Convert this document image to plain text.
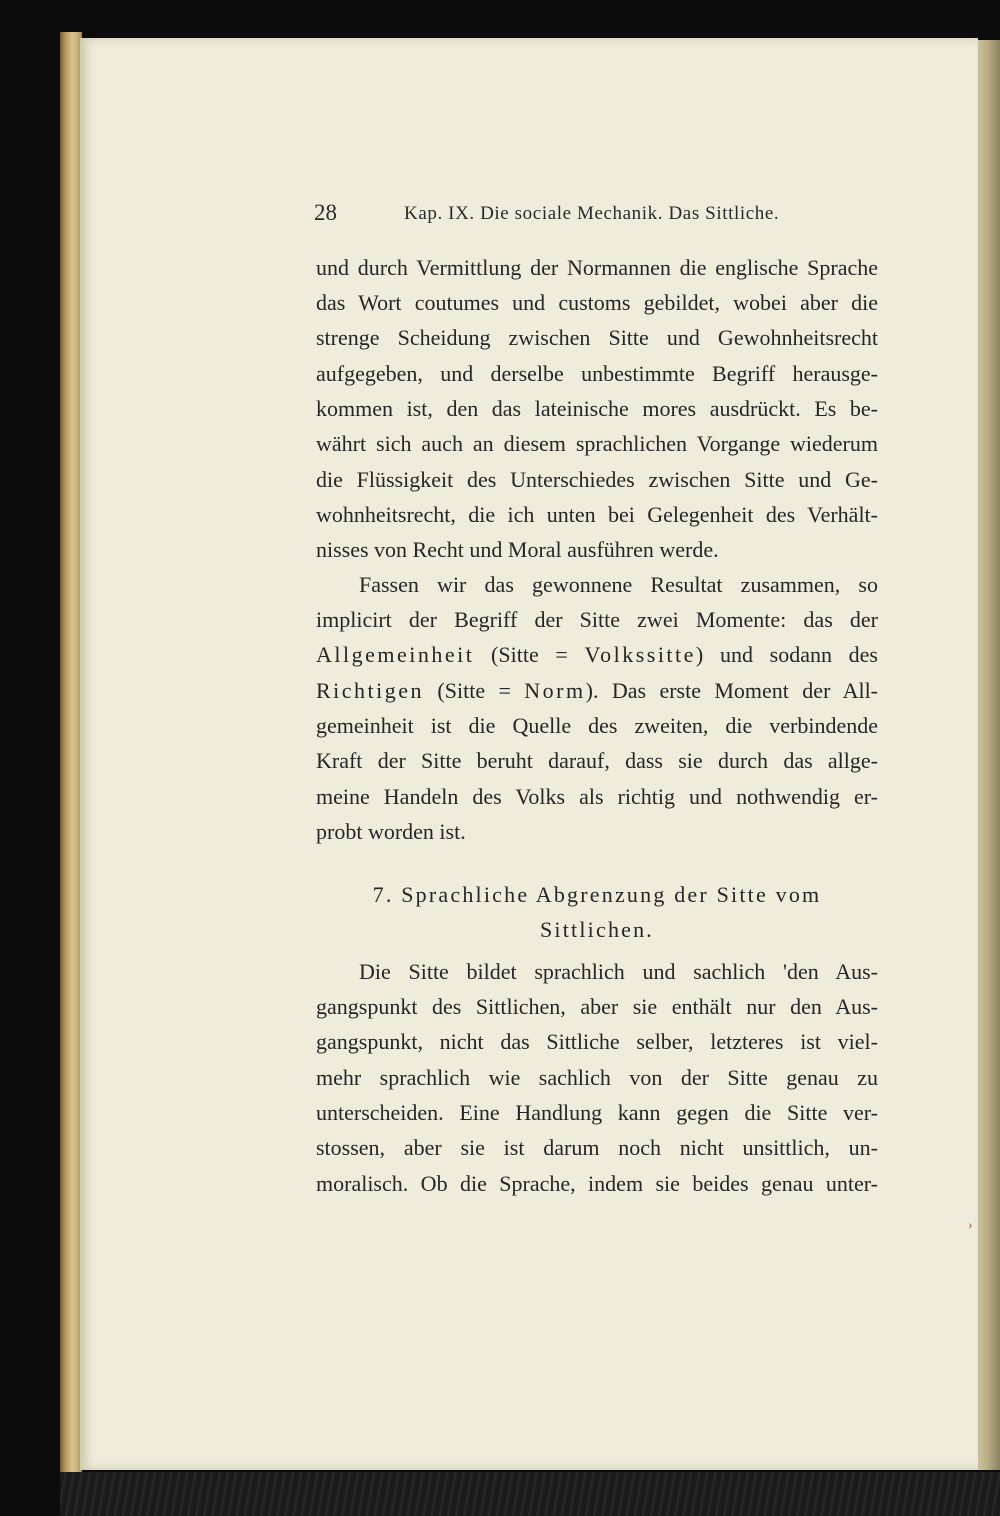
28	Kap. IX. Die sociale Mechanik. Das Sittliche.
und durch Vermittlung der Normannen die englische Sprache
das Wort coutumes und customs gebildet, wobei aber die
strenge Scheidung zwischen Sitte und Gewohnheitsrecht
aufgegeben, und derselbe unbestimmte Begriff herausge-
kommen ist, den das lateinische mores ausdrückt. Es be-
währt sich auch an diesem sprachlichen Vorgange wiederum
die Flüssigkeit des Unterschiedes zwischen Sitte und Ge-
wohnheitsrecht, die ich unten bei Gelegenheit des Verhält-
nisses von Recht und Moral ausführen werde.
Fassen wir das gewonnene Resultat zusammen, so
implicirt der Begriff der Sitte zwei Momente: das der
Allgemeinheit (Sitte = Volkssitte) und sodann des
Richtigen (Sitte = Norm). Das erste Moment der All-
gemeinheit ist die Quelle des zweiten, die verbindende
Kraft der Sitte beruht darauf, dass sie durch das allge-
meine Handeln des Volks als richtig und nothwendig er-
probt worden ist.
7. Sprachliche Abgrenzung der Sitte vom
Sittlichen.
Die Sitte bildet sprachlich und sachlich 'den Aus-
gangspunkt des Sittlichen, aber sie enthält nur den Aus-
gangspunkt, nicht das Sittliche selber, letzteres ist viel-
mehr sprachlich wie sachlich von der Sitte genau zu
unterscheiden. Eine Handlung kann gegen die Sitte ver-
stossen, aber sie ist darum noch nicht unsittlich, un-
moralisch. Ob die Sprache, indem sie beides genau unter-
›
